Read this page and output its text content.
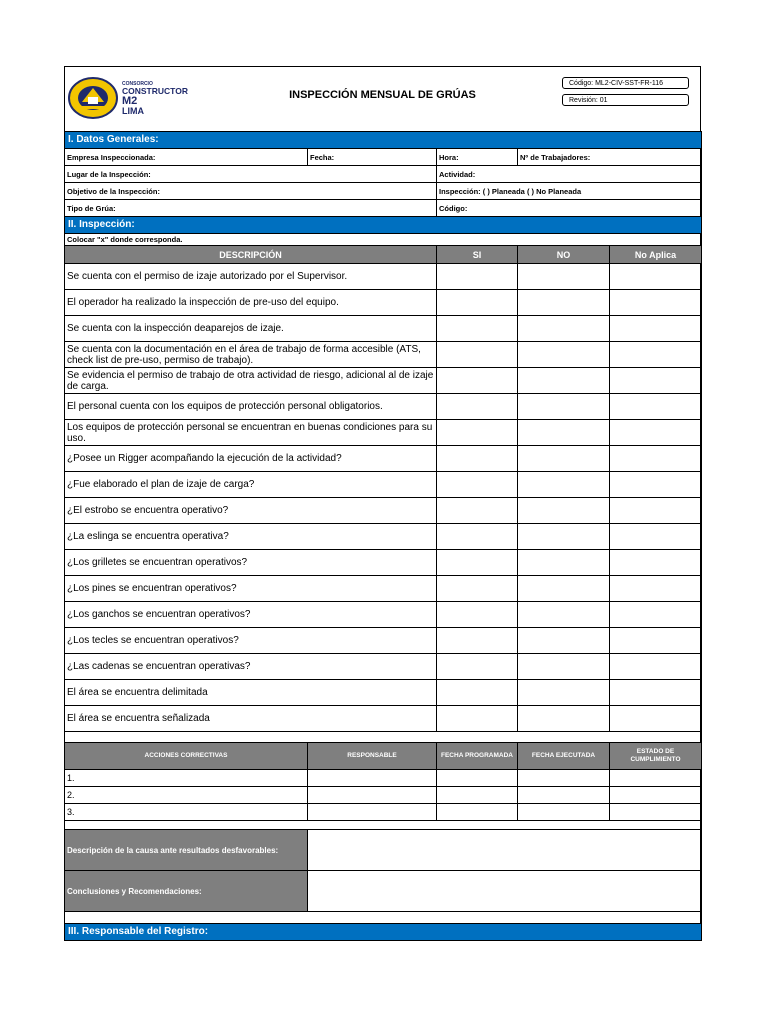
CONSORCIO
CONSTRUCTOR
M2
LIMA
INSPECCIÓN MENSUAL DE GRÚAS
Código: ML2-CIV-SST-FR-116
Revisión: 01
I. Datos Generales:			
Empresa Inspeccionada:	Fecha:	Hora:	Nº de Trabajadores:
Lugar de la Inspección:		Actividad:	
Objetivo de la Inspección:		Inspección: ( ) Planeada ( ) No Planeada	
Tipo de Grúa:		Código:	
II. Inspección:			
Colocar "x" donde corresponda.			
DESCRIPCIÓN	SI	NO	No Aplica
Se cuenta con el permiso de izaje autorizado por el Supervisor.			
El operador ha realizado la inspección de pre-uso del equipo.			
Se cuenta con la inspección deaparejos de izaje.			
Se cuenta con la documentación en el área de trabajo de forma accesible (ATS, check list de pre-uso, permiso de trabajo).			
Se evidencia el permiso de trabajo de otra actividad de riesgo, adicional al de izaje de carga.			
El personal cuenta con los equipos de protección personal obligatorios.			
Los equipos de protección personal se encuentran en buenas condiciones para su uso.			
¿Posee un Rigger acompañando la ejecución de la actividad?			
¿Fue elaborado el plan de izaje de carga?			
¿El estrobo se encuentra operativo?			
¿La eslinga se encuentra operativa?			
¿Los grilletes se encuentran operativos?			
¿Los pines se encuentran operativos?			
¿Los ganchos se encuentran operativos?			
¿Los tecles se encuentran operativos?			
¿Las cadenas se encuentran operativas?			
El área se encuentra delimitada			
El área se encuentra señalizada			

ACCIONES CORRECTIVAS	RESPONSABLE	FECHA PROGRAMADA	FECHA EJECUTADA	ESTADO DE CUMPLIMIENTO
1.				
2.				
3.				

Descripción de la causa ante resultados desfavorables:				
Conclusiones y Recomendaciones:				

III. Responsable del Registro:				
